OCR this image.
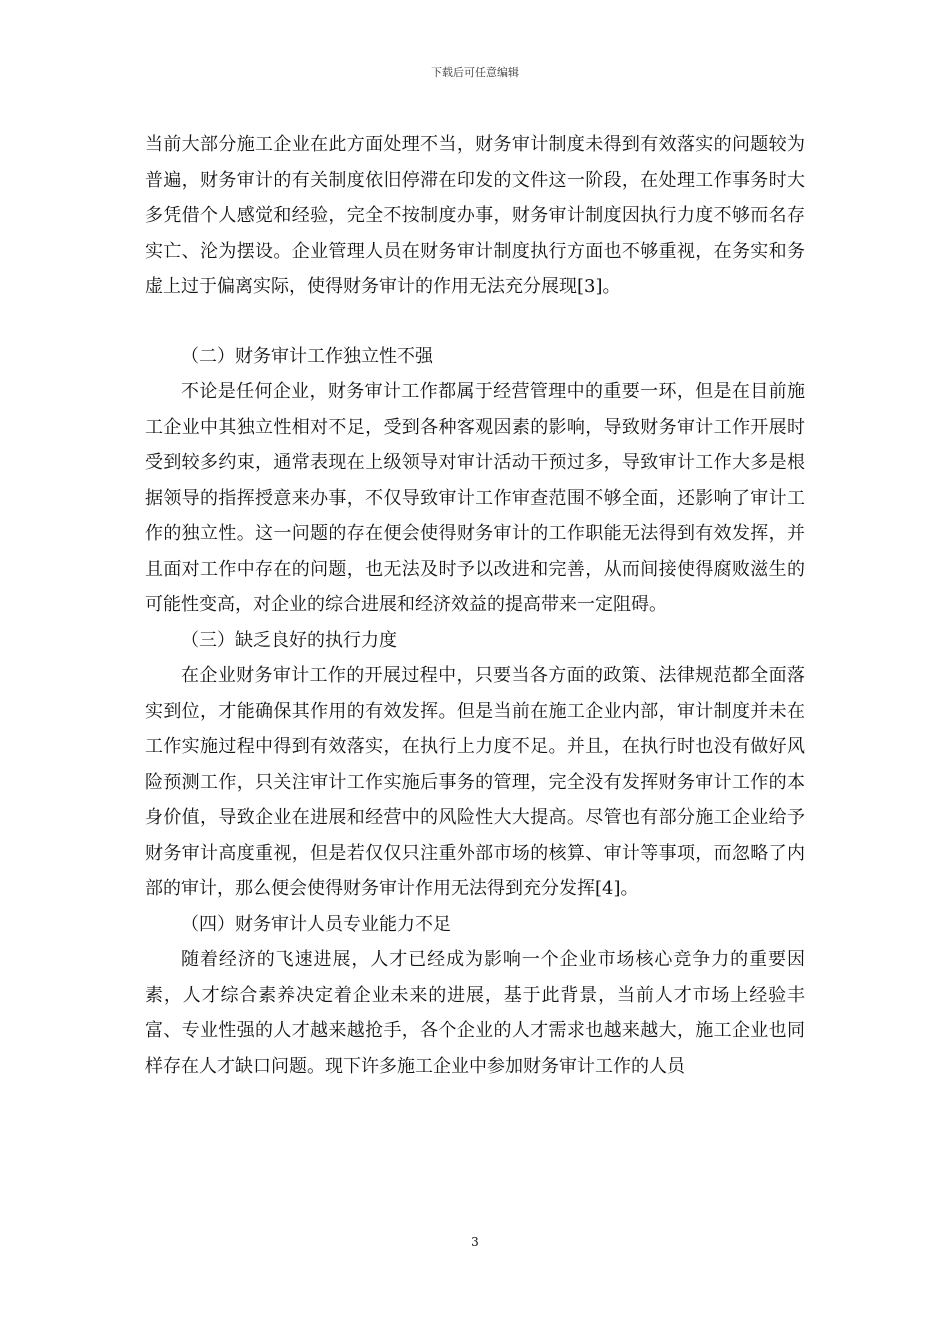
下载后可任意编辑

当前大部分施工企业在此方面处理不当，财务审计制度未得到有效落实的问题较为普遍，财务审计的有关制度依旧停滞在印发的文件这一阶段，在处理工作事务时大多凭借个人感觉和经验，完全不按制度办事，财务审计制度因执行力度不够而名存实亡、沦为摆设。企业管理人员在财务审计制度执行方面也不够重视，在务实和务虚上过于偏离实际，使得财务审计的作用无法充分展现[3]。

（二）财务审计工作独立性不强

不论是任何企业，财务审计工作都属于经营管理中的重要一环，但是在目前施工企业中其独立性相对不足，受到各种客观因素的影响，导致财务审计工作开展时受到较多约束，通常表现在上级领导对审计活动干预过多，导致审计工作大多是根据领导的指挥授意来办事，不仅导致审计工作审查范围不够全面，还影响了审计工作的独立性。这一问题的存在便会使得财务审计的工作职能无法得到有效发挥，并且面对工作中存在的问题，也无法及时予以改进和完善，从而间接使得腐败滋生的可能性变高，对企业的综合进展和经济效益的提高带来一定阻碍。

（三）缺乏良好的执行力度

在企业财务审计工作的开展过程中，只要当各方面的政策、法律规范都全面落实到位，才能确保其作用的有效发挥。但是当前在施工企业内部，审计制度并未在工作实施过程中得到有效落实，在执行上力度不足。并且，在执行时也没有做好风险预测工作，只关注审计工作实施后事务的管理，完全没有发挥财务审计工作的本身价值，导致企业在进展和经营中的风险性大大提高。尽管也有部分施工企业给予财务审计高度重视，但是若仅仅只注重外部市场的核算、审计等事项，而忽略了内部的审计，那么便会使得财务审计作用无法得到充分发挥[4]。

（四）财务审计人员专业能力不足

随着经济的飞速进展，人才已经成为影响一个企业市场核心竞争力的重要因素，人才综合素养决定着企业未来的进展，基于此背景，当前人才市场上经验丰富、专业性强的人才越来越抢手，各个企业的人才需求也越来越大，施工企业也同样存在人才缺口问题。现下许多施工企业中参加财务审计工作的人员

3
